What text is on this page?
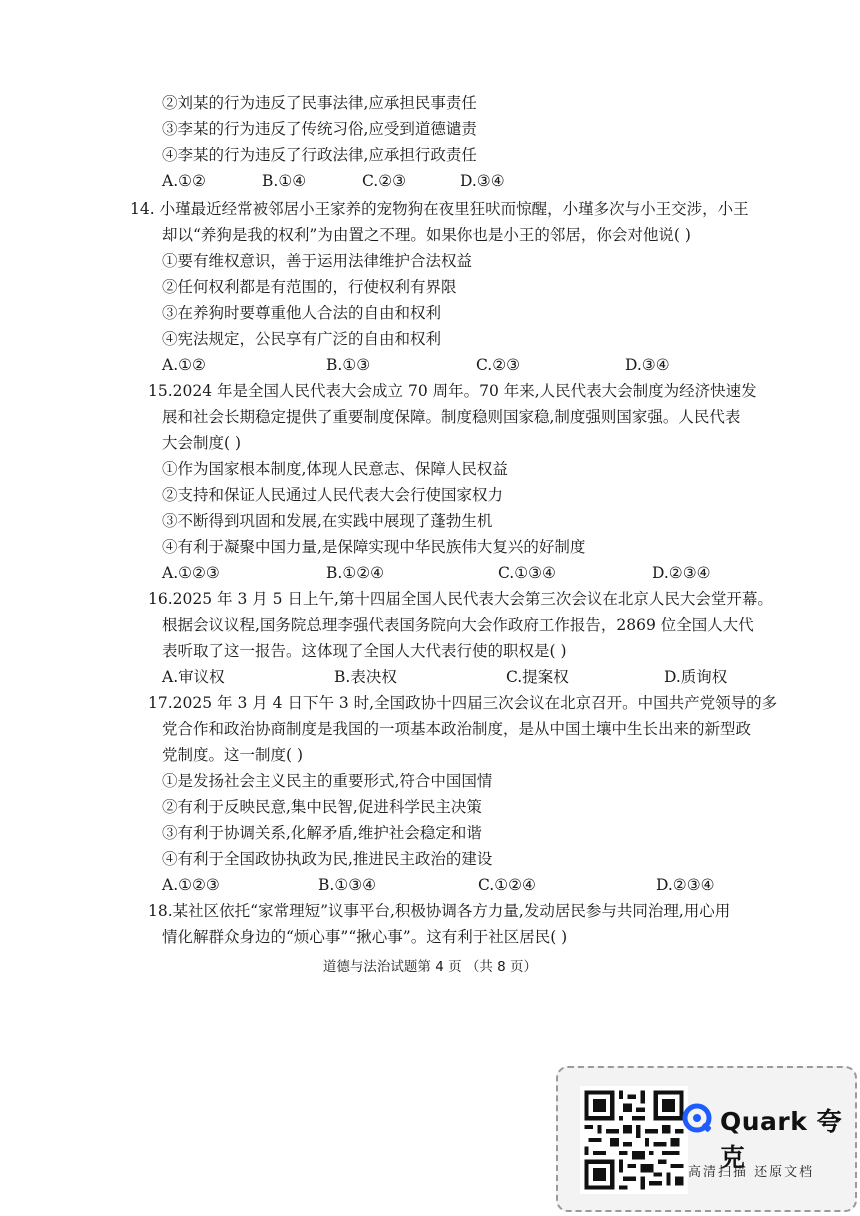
②刘某的行为违反了民事法律,应承担民事责任
③李某的行为违反了传统习俗,应受到道德谴责
④李某的行为违反了行政法律,应承担行政责任
A.①②	B.①④	C.②③	D.③④
14. 小瑾最近经常被邻居小王家养的宠物狗在夜里狂吠而惊醒，小瑾多次与小王交涉，小王
却以“养狗是我的权利”为由置之不理。如果你也是小王的邻居，你会对他说( )
①要有维权意识，善于运用法律维护合法权益
②任何权利都是有范围的，行使权利有界限
③在养狗时要尊重他人合法的自由和权利
④宪法规定，公民享有广泛的自由和权利
A.①②	B.①③	C.②③	D.③④
15.2024 年是全国人民代表大会成立 70 周年。70 年来,人民代表大会制度为经济快速发
展和社会长期稳定提供了重要制度保障。制度稳则国家稳,制度强则国家强。人民代表
大会制度( )
①作为国家根本制度,体现人民意志、保障人民权益
②支持和保证人民通过人民代表大会行使国家权力
③不断得到巩固和发展,在实践中展现了蓬勃生机
④有利于凝聚中国力量,是保障实现中华民族伟大复兴的好制度
A.①②③	B.①②④	C.①③④	D.②③④
16.2025 年 3 月 5 日上午,第十四届全国人民代表大会第三次会议在北京人民大会堂开幕。
根据会议议程,国务院总理李强代表国务院向大会作政府工作报告，2869 位全国人大代
表听取了这一报告。这体现了全国人大代表行使的职权是( )
A.审议权	B.表决权	C.提案权	D.质询权
17.2025 年 3 月 4 日下午 3 时,全国政协十四届三次会议在北京召开。中国共产党领导的多
党合作和政治协商制度是我国的一项基本政治制度，是从中国土壤中生长出来的新型政
党制度。这一制度( )
①是发扬社会主义民主的重要形式,符合中国国情
②有利于反映民意,集中民智,促进科学民主决策
③有利于协调关系,化解矛盾,维护社会稳定和谐
④有利于全国政协执政为民,推进民主政治的建设
A.①②③	B.①③④	C.①②④	D.②③④
18.某社区依托“家常理短”议事平台,积极协调各方力量,发动居民参与共同治理,用心用
情化解群众身边的“烦心事”“揪心事”。这有利于社区居民( )
道德与法治试题第 4 页 （共 8 页）
Quark 夸克
高清扫描 还原文档
